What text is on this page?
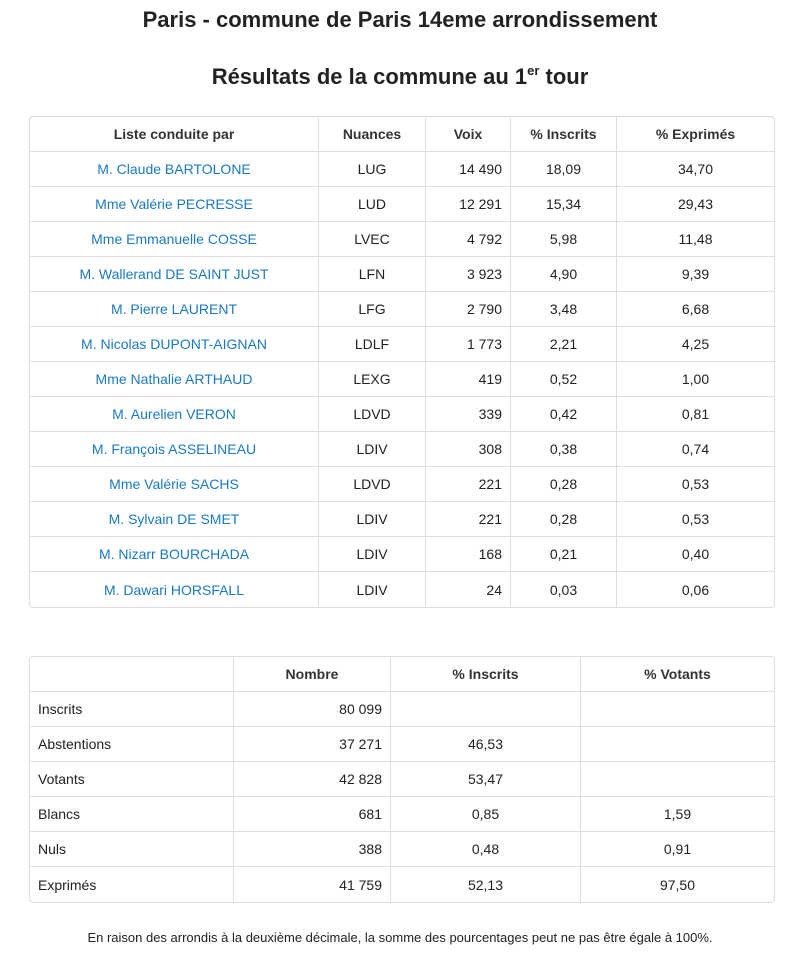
Paris - commune de Paris 14eme arrondissement
Résultats de la commune au 1er tour
Liste conduite par	Nuances	Voix	% Inscrits	% Exprimés
M. Claude BARTOLONE	LUG	14 490	18,09	34,70
Mme Valérie PECRESSE	LUD	12 291	15,34	29,43
Mme Emmanuelle COSSE	LVEC	4 792	5,98	11,48
M. Wallerand DE SAINT JUST	LFN	3 923	4,90	9,39
M. Pierre LAURENT	LFG	2 790	3,48	6,68
M. Nicolas DUPONT-AIGNAN	LDLF	1 773	2,21	4,25
Mme Nathalie ARTHAUD	LEXG	419	0,52	1,00
M. Aurelien VERON	LDVD	339	0,42	0,81
M. François ASSELINEAU	LDIV	308	0,38	0,74
Mme Valérie SACHS	LDVD	221	0,28	0,53
M. Sylvain DE SMET	LDIV	221	0,28	0,53
M. Nizarr BOURCHADA	LDIV	168	0,21	0,40
M. Dawari HORSFALL	LDIV	24	0,03	0,06
	Nombre	% Inscrits	% Votants
Inscrits	80 099		
Abstentions	37 271	46,53	
Votants	42 828	53,47	
Blancs	681	0,85	1,59
Nuls	388	0,48	0,91
Exprimés	41 759	52,13	97,50
En raison des arrondis à la deuxième décimale, la somme des pourcentages peut ne pas être égale à 100%.
